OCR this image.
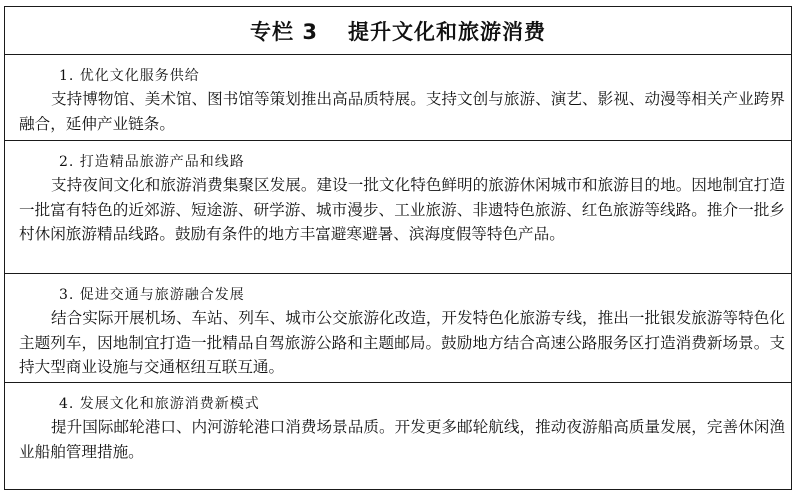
专栏 3 提升文化和旅游消费
1. 优化文化服务供给
支持博物馆、美术馆、图书馆等策划推出高品质特展。支持文创与旅游、演艺、影视、动漫等相关产业跨界融合，延伸产业链条。
2. 打造精品旅游产品和线路
支持夜间文化和旅游消费集聚区发展。建设一批文化特色鲜明的旅游休闲城市和旅游目的地。因地制宜打造一批富有特色的近郊游、短途游、研学游、城市漫步、工业旅游、非遗特色旅游、红色旅游等线路。推介一批乡村休闲旅游精品线路。鼓励有条件的地方丰富避寒避暑、滨海度假等特色产品。
3. 促进交通与旅游融合发展
结合实际开展机场、车站、列车、城市公交旅游化改造，开发特色化旅游专线，推出一批银发旅游等特色化主题列车，因地制宜打造一批精品自驾旅游公路和主题邮局。鼓励地方结合高速公路服务区打造消费新场景。支持大型商业设施与交通枢纽互联互通。
4. 发展文化和旅游消费新模式
提升国际邮轮港口、内河游轮港口消费场景品质。开发更多邮轮航线，推动夜游船高质量发展，完善休闲渔业船舶管理措施。
